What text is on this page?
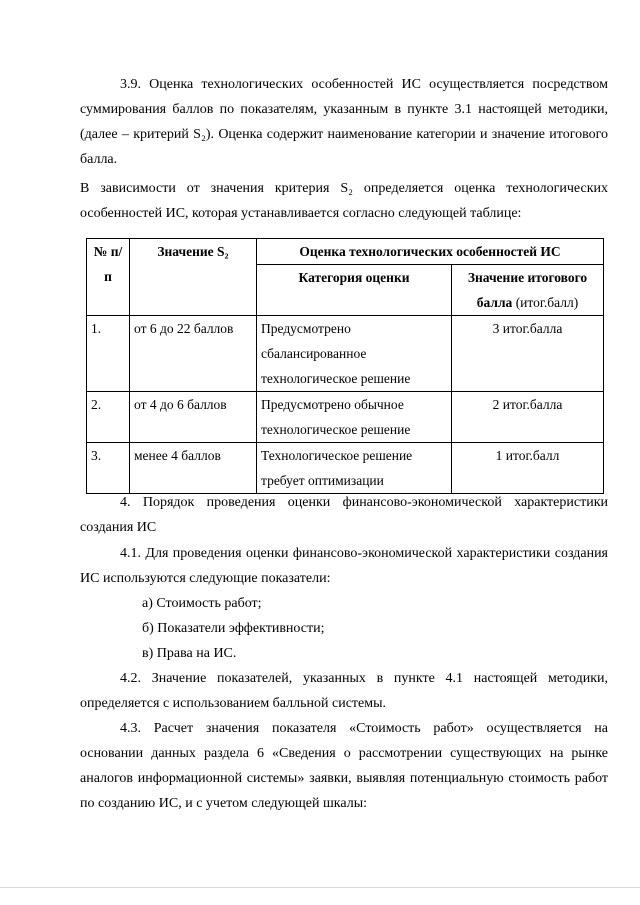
3.9. Оценка технологических особенностей ИС осуществляется посредством суммирования баллов по показателям, указанным в пункте 3.1 настоящей методики, (далее – критерий S₂). Оценка содержит наименование категории и значение итогового балла.

В зависимости от значения критерия S₂ определяется оценка технологических особенностей ИС, которая устанавливается согласно следующей таблице:

№ п/п	Значение S₂	Оценка технологических особенностей ИС	
		Категория оценки	Значение итогового балла (итог.балл)
1.	от 6 до 22 баллов	Предусмотрено сбалансированное технологическое решение	3 итог.балла
2.	от 4 до 6 баллов	Предусмотрено обычное технологическое решение	2 итог.балла
3.	менее 4 баллов	Технологическое решение требует оптимизации	1 итог.балл

4. Порядок проведения оценки финансово-экономической характеристики создания ИС

4.1. Для проведения оценки финансово-экономической характеристики создания ИС используются следующие показатели:

а) Стоимость работ;

б) Показатели эффективности;

в) Права на ИС.

4.2. Значение показателей, указанных в пункте 4.1 настоящей методики, определяется с использованием балльной системы.

4.3. Расчет значения показателя «Стоимость работ» осуществляется на основании данных раздела 6 «Сведения о рассмотрении существующих на рынке аналогов информационной системы» заявки, выявляя потенциальную стоимость работ по созданию ИС, и с учетом следующей шкалы:
